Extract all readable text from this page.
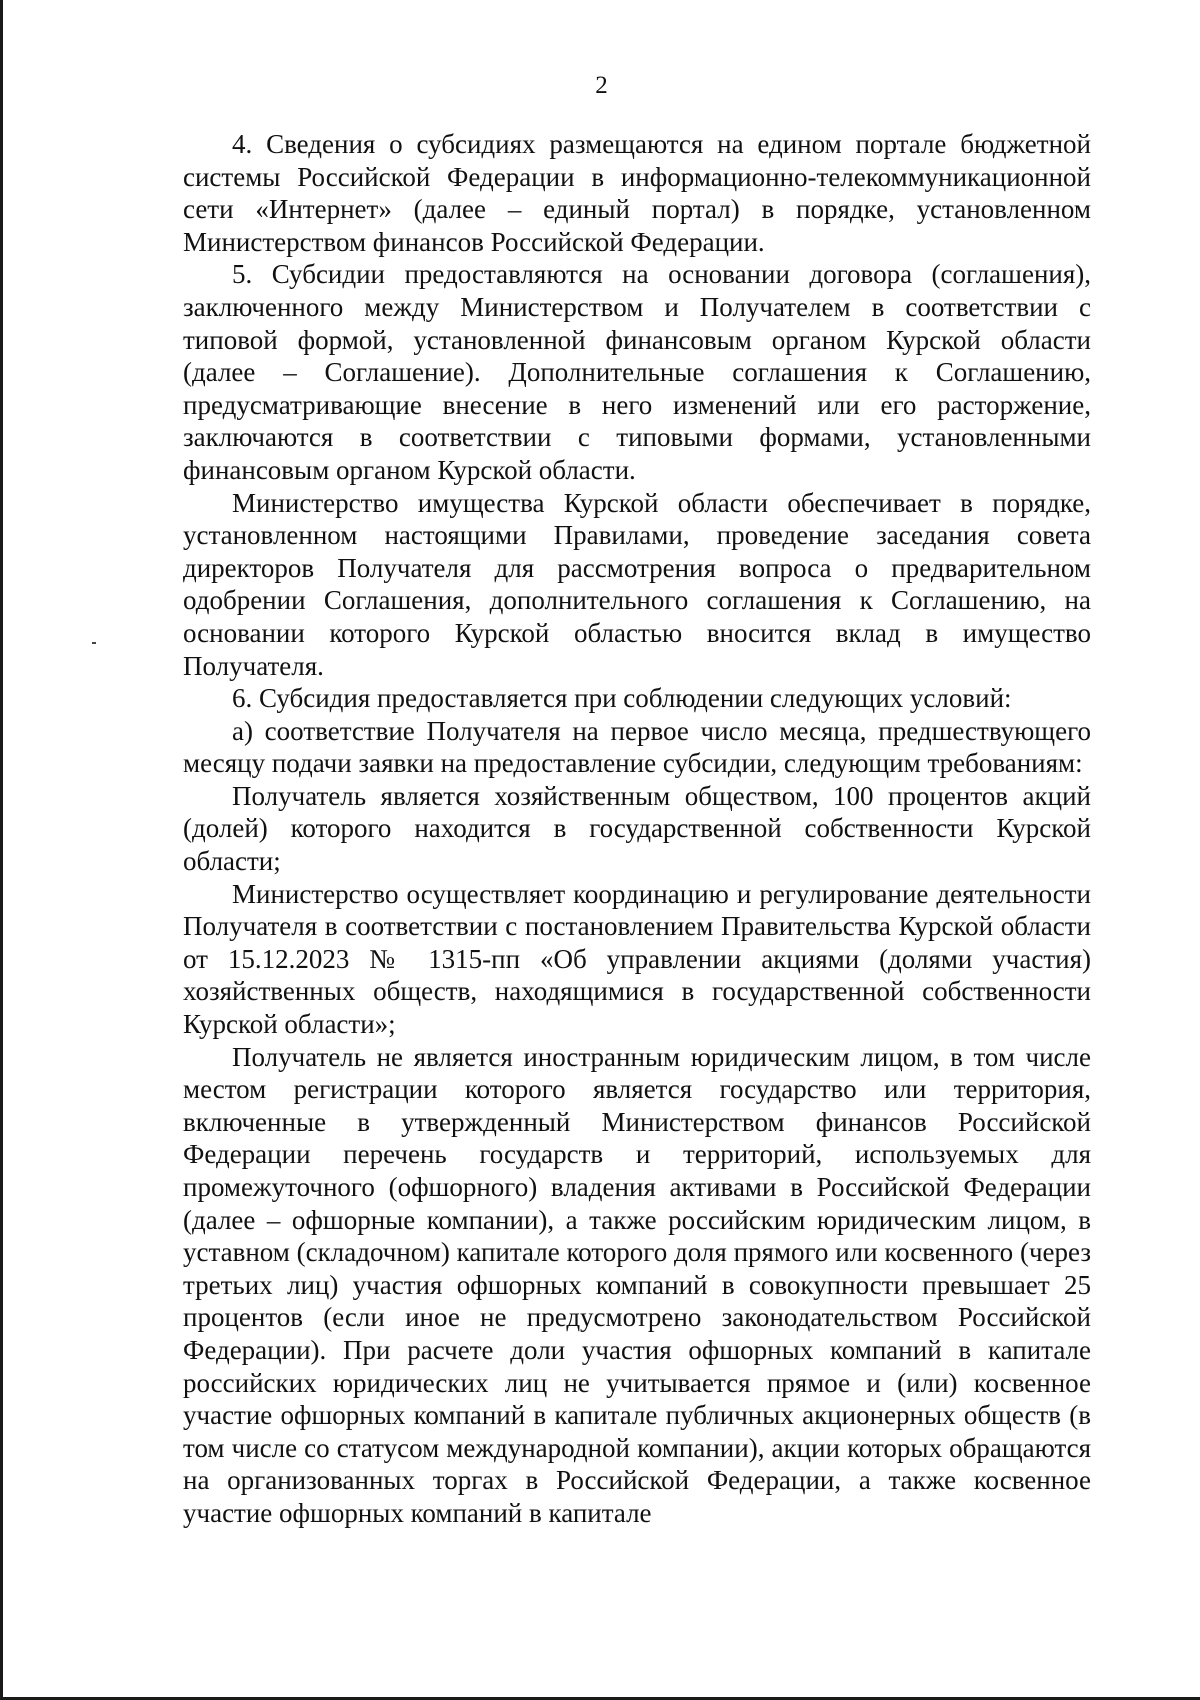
2

4. Сведения о субсидиях размещаются на едином портале бюджетной системы Российской Федерации в информационно-телекоммуникационной сети «Интернет» (далее – единый портал) в порядке, установленном Министерством финансов Российской Федерации.

5. Субсидии предоставляются на основании договора (соглашения), заключенного между Министерством и Получателем в соответствии с типовой формой, установленной финансовым органом Курской области (далее – Соглашение). Дополнительные соглашения к Соглашению, предусматривающие внесение в него изменений или его расторжение, заключаются в соответствии с типовыми формами, установленными финансовым органом Курской области.

Министерство имущества Курской области обеспечивает в порядке, установленном настоящими Правилами, проведение заседания совета директоров Получателя для рассмотрения вопроса о предварительном одобрении Соглашения, дополнительного соглашения к Соглашению, на основании которого Курской областью вносится вклад в имущество Получателя.

6. Субсидия предоставляется при соблюдении следующих условий:

а) соответствие Получателя на первое число месяца, предшествующего месяцу подачи заявки на предоставление субсидии, следующим требованиям:

Получатель является хозяйственным обществом, 100 процентов акций (долей) которого находится в государственной собственности Курской области;

Министерство осуществляет координацию и регулирование деятельности Получателя в соответствии с постановлением Правительства Курской области от 15.12.2023 № 1315-пп «Об управлении акциями (долями участия) хозяйственных обществ, находящимися в государственной собственности Курской области»;

Получатель не является иностранным юридическим лицом, в том числе местом регистрации которого является государство или территория, включенные в утвержденный Министерством финансов Российской Федерации перечень государств и территорий, используемых для промежуточного (офшорного) владения активами в Российской Федерации (далее – офшорные компании), а также российским юридическим лицом, в уставном (складочном) капитале которого доля прямого или косвенного (через третьих лиц) участия офшорных компаний в совокупности превышает 25 процентов (если иное не предусмотрено законодательством Российской Федерации). При расчете доли участия офшорных компаний в капитале российских юридических лиц не учитывается прямое и (или) косвенное участие офшорных компаний в капитале публичных акционерных обществ (в том числе со статусом международной компании), акции которых обращаются на организованных торгах в Российской Федерации, а также косвенное участие офшорных компаний в капитале
